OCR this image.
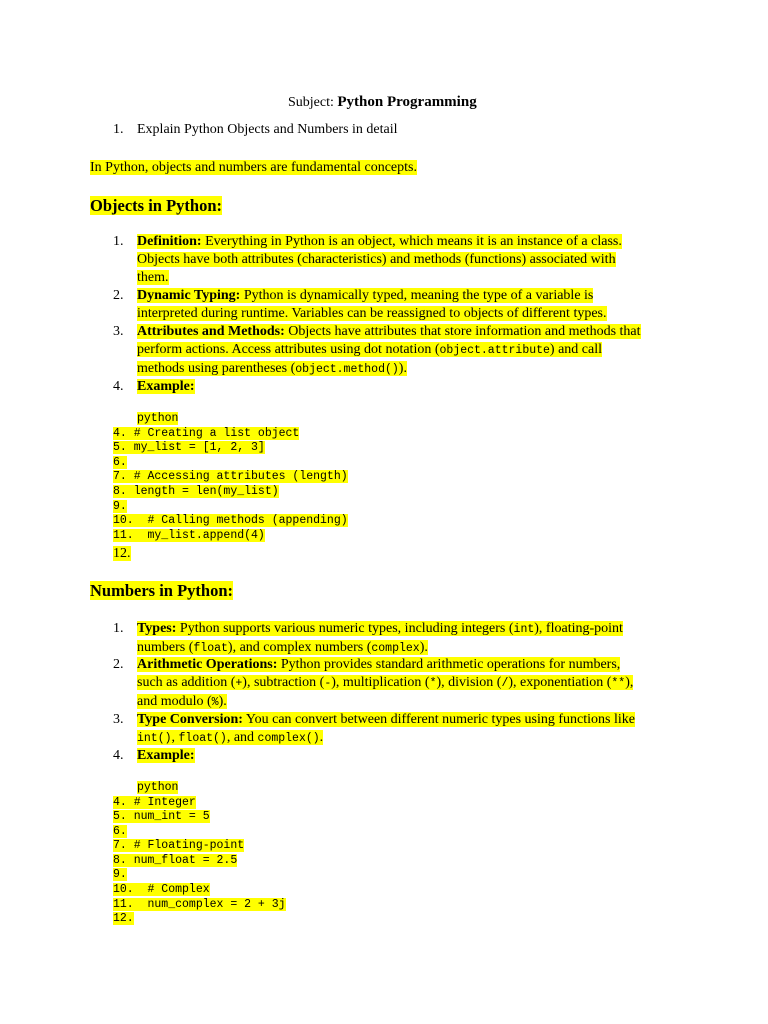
Subject: Python Programming
1. Explain Python Objects and Numbers in detail
In Python, objects and numbers are fundamental concepts.
Objects in Python:
1. Definition: Everything in Python is an object, which means it is an instance of a class.
Objects have both attributes (characteristics) and methods (functions) associated with
them.
2. Dynamic Typing: Python is dynamically typed, meaning the type of a variable is
interpreted during runtime. Variables can be reassigned to objects of different types.
3. Attributes and Methods: Objects have attributes that store information and methods that
perform actions. Access attributes using dot notation (object.attribute) and call
methods using parentheses (object.method()).
4. Example:
python
4. # Creating a list object
5. my_list = [1, 2, 3]
6.
7. # Accessing attributes (length)
8. length = len(my_list)
9.
10.  # Calling methods (appending)
11.  my_list.append(4)
12.
Numbers in Python:
1. Types: Python supports various numeric types, including integers (int), floating-point
numbers (float), and complex numbers (complex).
2. Arithmetic Operations: Python provides standard arithmetic operations for numbers,
such as addition (+), subtraction (-), multiplication (*), division (/), exponentiation (**),
and modulo (%).
3. Type Conversion: You can convert between different numeric types using functions like
int(), float(), and complex().
4. Example:
python
4. # Integer
5. num_int = 5
6.
7. # Floating-point
8. num_float = 2.5
9.
10.  # Complex
11.  num_complex = 2 + 3j
12.
